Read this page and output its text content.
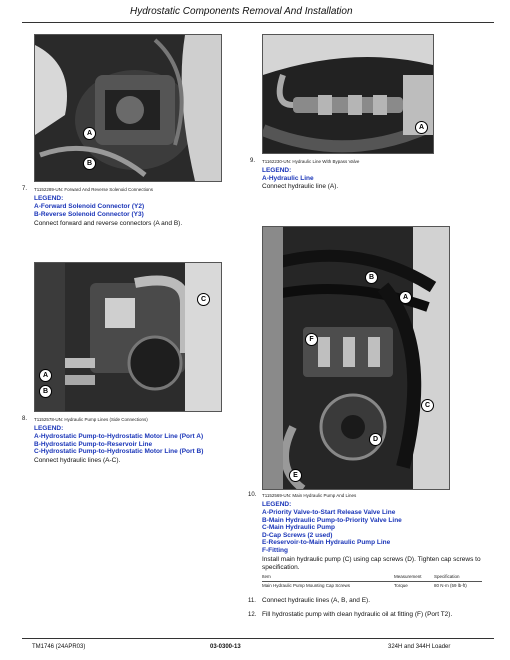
Hydrostatic Components Removal And Installation
A
B
7. T1152289-UN: Forward And Reverse Solenoid Connections
LEGEND:
A-Forward Solenoid Connector (Y2)
B-Reverse Solenoid Connector (Y3)
Connect forward and reverse connectors (A and B).
A
9. T1162230-UN: Hydraulic Line With Bypass Valve
LEGEND:
A-Hydraulic Line
Connect hydraulic line (A).
C
A
B
8. T1152578-UN: Hydraulic Pump Lines (Side Connections)
LEGEND:
A-Hydrostatic Pump-to-Hydrostatic Motor Line (Port A)
B-Hydrostatic Pump-to-Reservoir Line
C-Hydrostatic Pump-to-Hydrostatic Motor Line (Port B)
Connect hydraulic lines (A-C).
B
A
F
C
D
E
10. T1152569-UN: Main Hydraulic Pump And Lines
LEGEND:
A-Priority Valve-to-Start Release Valve Line
B-Main Hydraulic Pump-to-Priority Valve Line
C-Main Hydraulic Pump
D-Cap Screws (2 used)
E-Reservoir-to-Main Hydraulic Pump Line
F-Fitting
Install main hydraulic pump (C) using cap screws (D). Tighten cap screws to specification.
Item	Measurement	Specification
Main Hydraulic Pump Mounting Cap Screws	Torque	80 N·m (59 lb-ft)
11. Connect hydraulic lines (A, B, and E).
12. Fill hydrostatic pump with clean hydraulic oil at fitting (F) (Port T2).
TM1746 (24APR03)	03-0300-13	324H and 344H Loader
